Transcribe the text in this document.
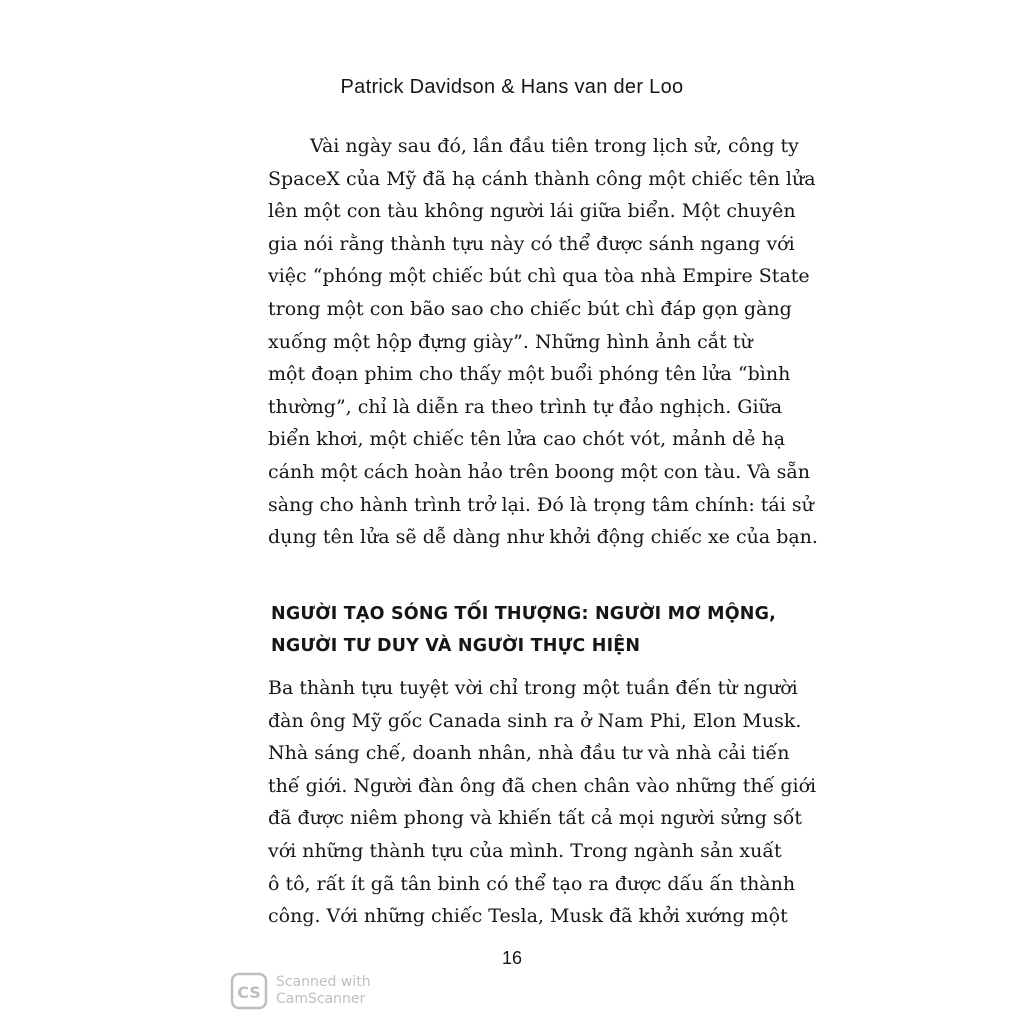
Patrick Davidson & Hans van der Loo

Vài ngày sau đó, lần đầu tiên trong lịch sử, công ty
SpaceX của Mỹ đã hạ cánh thành công một chiếc tên lửa
lên một con tàu không người lái giữa biển. Một chuyên
gia nói rằng thành tựu này có thể được sánh ngang với
việc “phóng một chiếc bút chì qua tòa nhà Empire State
trong một con bão sao cho chiếc bút chì đáp gọn gàng
xuống một hộp đựng giày”. Những hình ảnh cắt từ
một đoạn phim cho thấy một buổi phóng tên lửa “bình
thường”, chỉ là diễn ra theo trình tự đảo nghịch. Giữa
biển khơi, một chiếc tên lửa cao chót vót, mảnh dẻ hạ
cánh một cách hoàn hảo trên boong một con tàu. Và sẵn
sàng cho hành trình trở lại. Đó là trọng tâm chính: tái sử
dụng tên lửa sẽ dễ dàng như khởi động chiếc xe của bạn.

NGƯỜI TẠO SÓNG TỐI THƯỢNG: NGƯỜI MƠ MỘNG,
NGƯỜI TƯ DUY VÀ NGƯỜI THỰC HIỆN

Ba thành tựu tuyệt vời chỉ trong một tuần đến từ người
đàn ông Mỹ gốc Canada sinh ra ở Nam Phi, Elon Musk.
Nhà sáng chế, doanh nhân, nhà đầu tư và nhà cải tiến
thế giới. Người đàn ông đã chen chân vào những thế giới
đã được niêm phong và khiến tất cả mọi người sửng sốt
với những thành tựu của mình. Trong ngành sản xuất
ô tô, rất ít gã tân binh có thể tạo ra được dấu ấn thành
công. Với những chiếc Tesla, Musk đã khởi xướng một

16
CS
Scanned with
CamScanner
